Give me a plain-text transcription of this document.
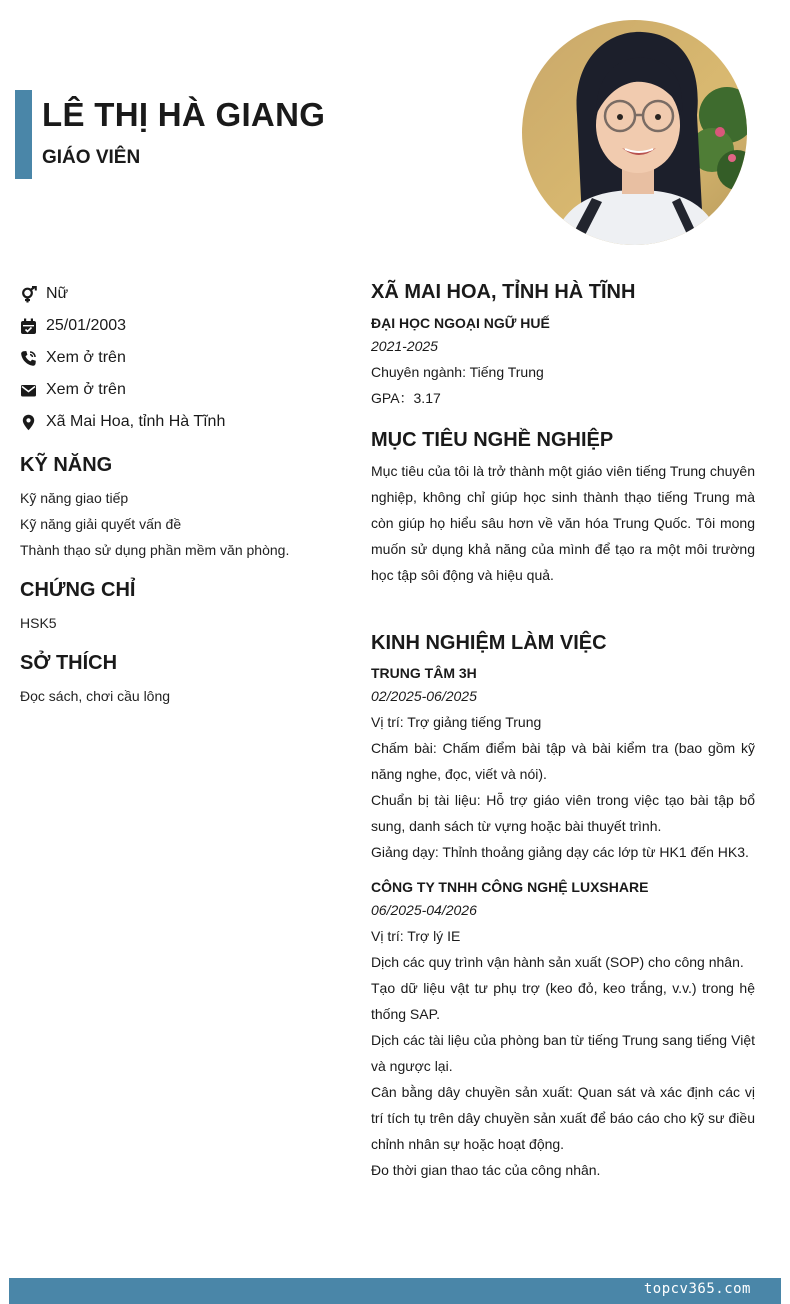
LÊ THỊ HÀ GIANG
GIÁO VIÊN
Nữ
25/01/2003
Xem ở trên
Xem ở trên
Xã Mai Hoa, tỉnh Hà Tĩnh
KỸ NĂNG

Kỹ năng giao tiếp

Kỹ năng giải quyết vấn đề

Thành thạo sử dụng phần mềm văn phòng.

CHỨNG CHỈ

HSK5

SỞ THÍCH

Đọc sách, chơi cầu lông

XÃ MAI HOA, TỈNH HÀ TĨNH

ĐẠI HỌC NGOẠI NGỮ HUẾ

2021-2025

Chuyên ngành: Tiếng Trung

GPA：3.17

MỤC TIÊU NGHỀ NGHIỆP

Mục tiêu của tôi là trở thành một giáo viên tiếng Trung chuyên nghiệp, không chỉ giúp học sinh thành thạo tiếng Trung mà còn giúp họ hiểu sâu hơn về văn hóa Trung Quốc. Tôi mong muốn sử dụng khả năng của mình để tạo ra một môi trường học tập sôi động và hiệu quả.

KINH NGHIỆM LÀM VIỆC

TRUNG TÂM 3H

02/2025-06/2025

Vị trí: Trợ giảng tiếng Trung

Chấm bài: Chấm điểm bài tập và bài kiểm tra (bao gồm kỹ năng nghe, đọc, viết và nói).

Chuẩn bị tài liệu: Hỗ trợ giáo viên trong việc tạo bài tập bổ sung, danh sách từ vựng hoặc bài thuyết trình.

Giảng dạy: Thỉnh thoảng giảng dạy các lớp từ HK1 đến HK3.

CÔNG TY TNHH CÔNG NGHỆ LUXSHARE

06/2025-04/2026

Vị trí: Trợ lý IE

Dịch các quy trình vận hành sản xuất (SOP) cho công nhân.

Tạo dữ liệu vật tư phụ trợ (keo đỏ, keo trắng, v.v.) trong hệ thống SAP.

Dịch các tài liệu của phòng ban từ tiếng Trung sang tiếng Việt và ngược lại.

Cân bằng dây chuyền sản xuất: Quan sát và xác định các vị trí tích tụ trên dây chuyền sản xuất để báo cáo cho kỹ sư điều chỉnh nhân sự hoặc hoạt động.

Đo thời gian thao tác của công nhân.

topcv365.com
